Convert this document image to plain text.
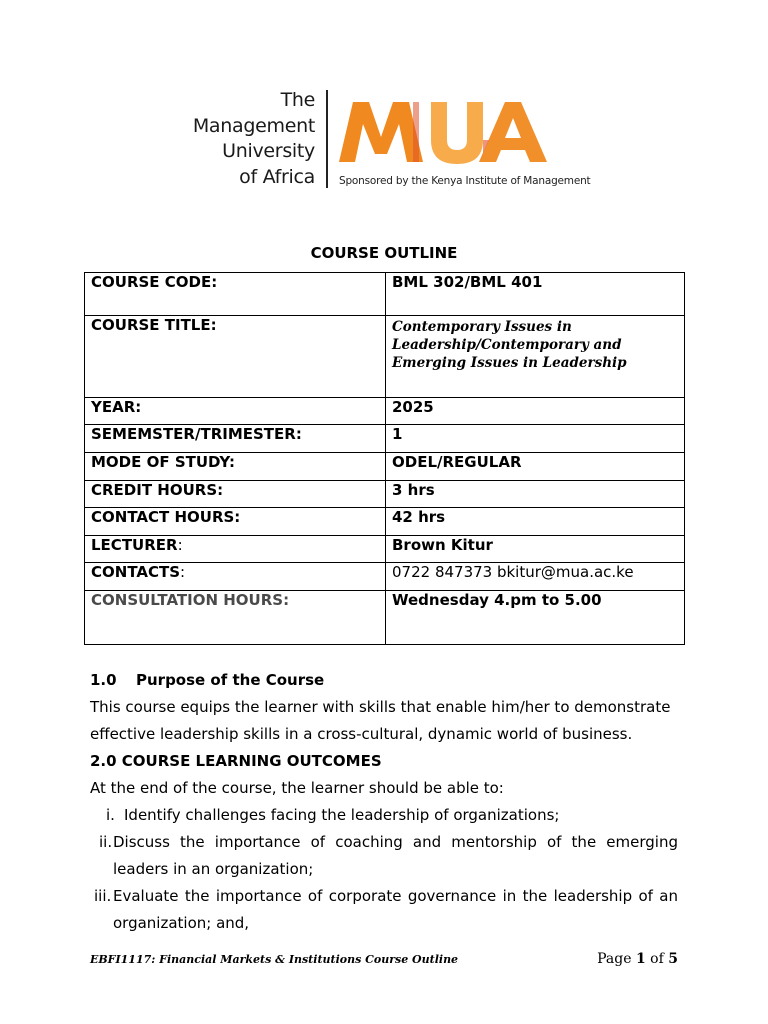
The
Management
University
of Africa Sponsored by the Kenya Institute of Management
COURSE OUTLINE
COURSE CODE:	BML 302/BML 401
COURSE TITLE:	Contemporary Issues in Leadership/Contemporary and Emerging Issues in Leadership

YEAR:	2025
SEMEMSTER/TRIMESTER:	1
MODE OF STUDY:	ODEL/REGULAR
CREDIT HOURS:	3 hrs
CONTACT HOURS:	42 hrs
LECTURER:	Brown Kitur
CONTACTS:	0722 847373 bkitur@mua.ac.ke
CONSULTATION HOURS:	Wednesday 4.pm to 5.00
1.0 Purpose of the Course
This course equips the learner with skills that enable him/her to demonstrate effective leadership skills in a cross-cultural, dynamic world of business.
2.0 COURSE LEARNING OUTCOMES
At the end of the course, the learner should be able to:
i. Identify challenges facing the leadership of organizations;
ii. Discuss the importance of coaching and mentorship of the emerging leaders in an organization;
iii. Evaluate the importance of corporate governance in the leadership of an organization; and,
EBFI1117: Financial Markets & Institutions Course Outline	Page 1 of 5
